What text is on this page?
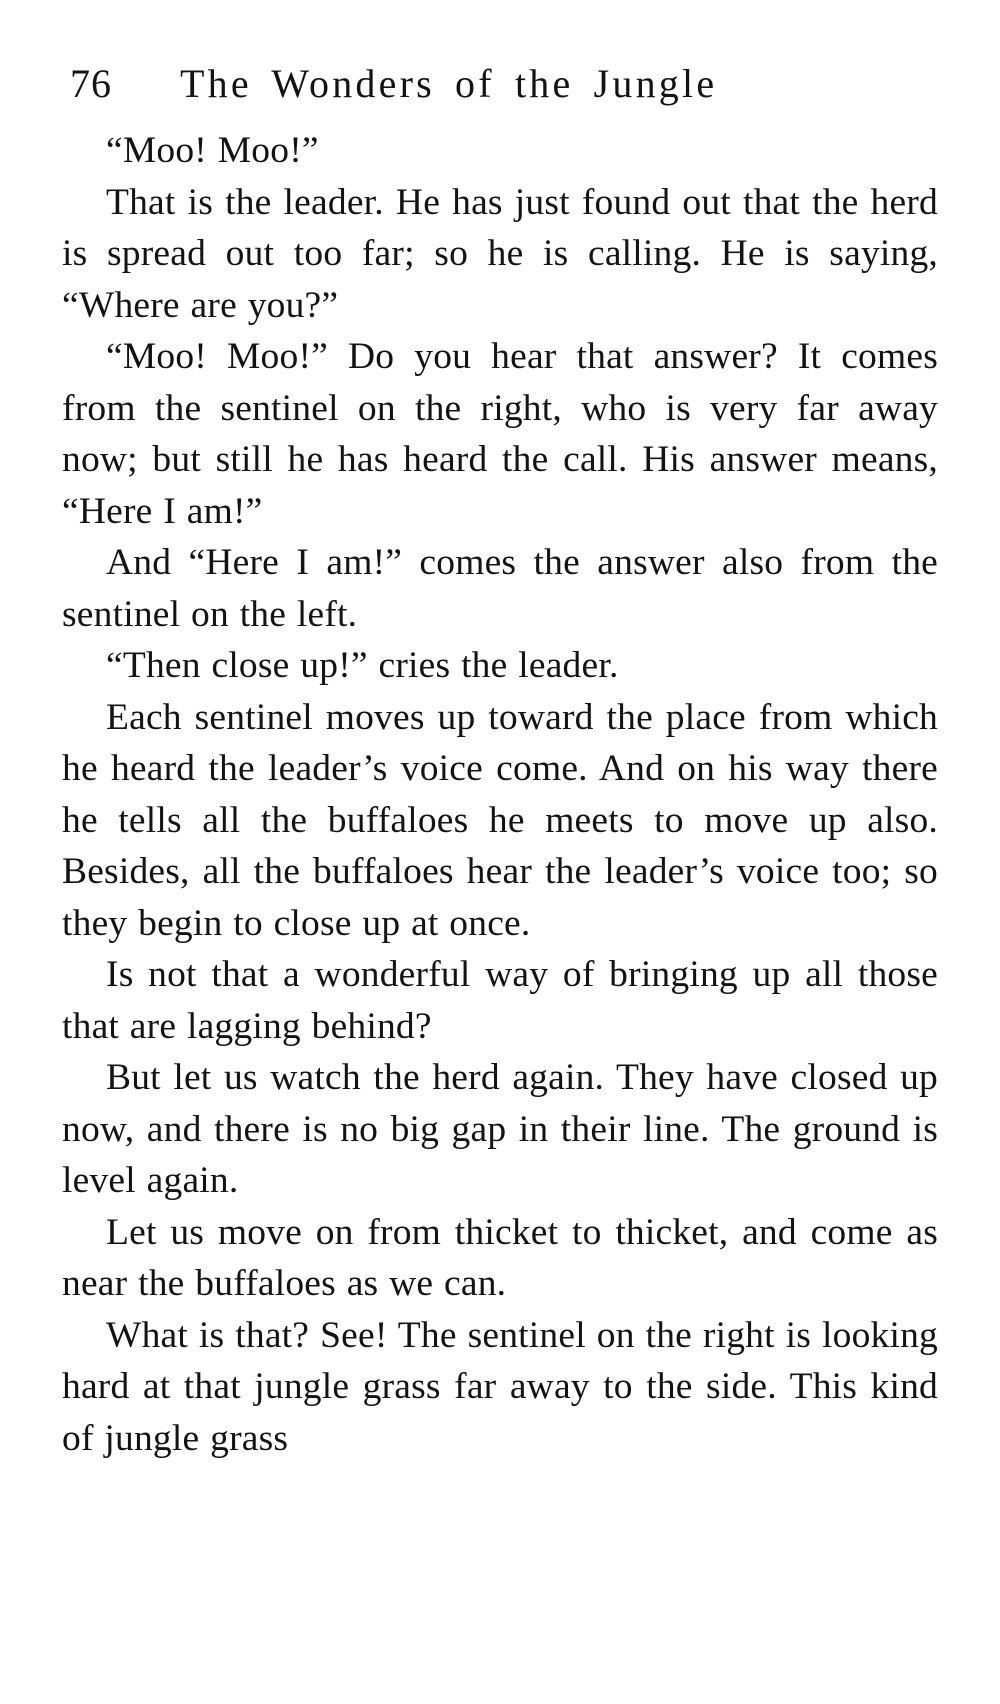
76	The Wonders of the Jungle

“Moo! Moo!”

That is the leader. He has just found out that the herd is spread out too far; so he is calling. He is saying, “Where are you?”

“Moo! Moo!” Do you hear that answer? It comes from the sentinel on the right, who is very far away now; but still he has heard the call. His answer means, “Here I am!”

And “Here I am!” comes the answer also from the sentinel on the left.

“Then close up!” cries the leader.

Each sentinel moves up toward the place from which he heard the leader’s voice come. And on his way there he tells all the buffaloes he meets to move up also. Besides, all the buffaloes hear the leader’s voice too; so they begin to close up at once.

Is not that a wonderful way of bringing up all those that are lagging behind?

But let us watch the herd again. They have closed up now, and there is no big gap in their line. The ground is level again.

Let us move on from thicket to thicket, and come as near the buffaloes as we can.

What is that? See! The sentinel on the right is looking hard at that jungle grass far away to the side. This kind of jungle grass
